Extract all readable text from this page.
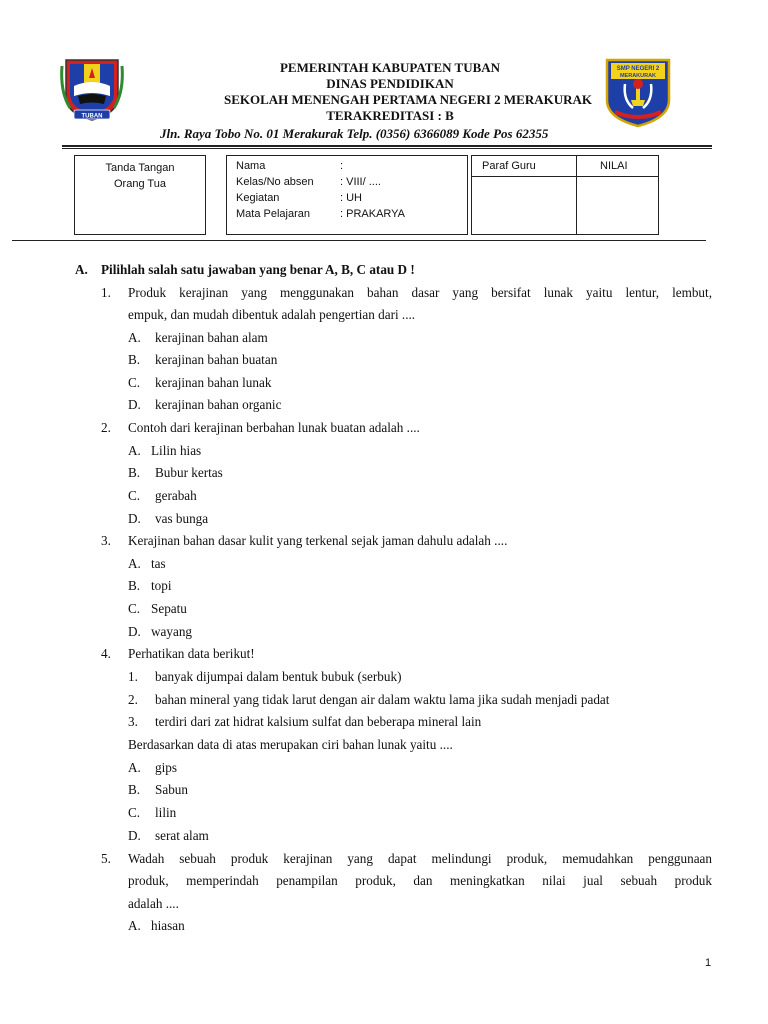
TUBAN
PEMERINTAH KABUPATEN TUBAN
DINAS PENDIDIKAN
SEKOLAH MENENGAH PERTAMA NEGERI 2 MERAKURAK
TERAKREDITASI : B
SMP NEGERI 2
MERAKURAK
Jln. Raya Tobo No. 01 Merakurak Telp. (0356) 6366089 Kode Pos 62355
Tanda Tangan
Orang Tua
Nama	:
Kelas/No absen : VIII/ ....
Kegiatan	: UH
Mata Pelajaran	: PRAKARYA
Paraf Guru	NILAI
A. Pilihlah salah satu jawaban yang benar A, B, C atau D !
1. Produk kerajinan yang menggunakan bahan dasar yang bersifat lunak yaitu lentur, lembut,
empuk, dan mudah dibentuk adalah pengertian dari ....
A. kerajinan bahan alam
B. kerajinan bahan buatan
C. kerajinan bahan lunak
D. kerajinan bahan organic
2. Contoh dari kerajinan berbahan lunak buatan adalah ....
A. Lilin hias
B. Bubur kertas
C. gerabah
D. vas bunga
3. Kerajinan bahan dasar kulit yang terkenal sejak jaman dahulu adalah ....
A. tas
B. topi
C. Sepatu
D. wayang
4. Perhatikan data berikut!
1. banyak dijumpai dalam bentuk bubuk (serbuk)
2. bahan mineral yang tidak larut dengan air dalam waktu lama jika sudah menjadi padat
3. terdiri dari zat hidrat kalsium sulfat dan beberapa mineral lain
Berdasarkan data di atas merupakan ciri bahan lunak yaitu ....
A. gips
B. Sabun
C. lilin
D. serat alam
5. Wadah sebuah produk kerajinan yang dapat melindungi produk, memudahkan penggunaan
produk, memperindah penampilan produk, dan meningkatkan nilai jual sebuah produk
adalah ....
A. hiasan
1
